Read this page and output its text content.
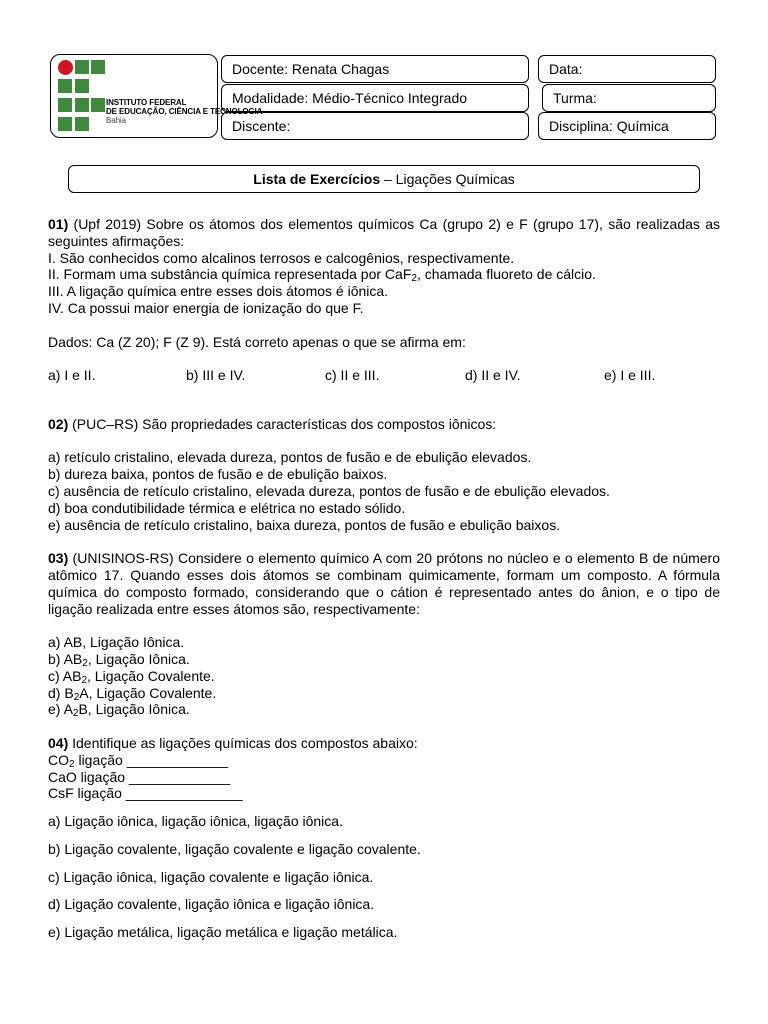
INSTITUTO FEDERAL
DE EDUCAÇÃO, CIÊNCIA E TECNOLOGIA
Bahia
Docente: Renata Chagas	Data:
Modalidade: Médio-Técnico Integrado	Turma:
Discente:	Disciplina: Química
Lista de Exercícios – Ligações Químicas

01) (Upf 2019) Sobre os átomos dos elementos químicos Ca (grupo 2) e F (grupo 17), são realizadas as seguintes afirmações:

I. São conhecidos como alcalinos terrosos e calcogênios, respectivamente.

II. Formam uma substância química representada por CaF$_2$, chamada fluoreto de cálcio.

III. A ligação química entre esses dois átomos é iônica.

IV. Ca possui maior energia de ionização do que F.

Dados: Ca (Z 20); F (Z 9). Está correto apenas o que se afirma em:

a) I e II.	b) III e IV.	c) II e III.	d) II e IV.	e) I e III.

02) (PUC–RS) São propriedades características dos compostos iônicos:

a) retículo cristalino, elevada dureza, pontos de fusão e de ebulição elevados.

b) dureza baixa, pontos de fusão e de ebulição baixos.

c) ausência de retículo cristalino, elevada dureza, pontos de fusão e de ebulição elevados.

d) boa condutibilidade térmica e elétrica no estado sólido.

e) ausência de retículo cristalino, baixa dureza, pontos de fusão e ebulição baixos.

03) (UNISINOS-RS) Considere o elemento químico A com 20 prótons no núcleo e o elemento B de número atômico 17. Quando esses dois átomos se combinam quimicamente, formam um composto. A fórmula química do composto formado, considerando que o cátion é representado antes do ânion, e o tipo de ligação realizada entre esses átomos são, respectivamente:

a) AB, Ligação Iônica.

b) $AB_2$, Ligação Iônica.

c) $AB_2$, Ligação Covalente.

d) $B_2A$, Ligação Covalente.

e) $A_2B$, Ligação Iônica.

04) Identifique as ligações químicas dos compostos abaixo:

$CO_2$ ligação _____________

CaO ligação _____________

CsF ligação _______________

a) Ligação iônica, ligação iônica, ligação iônica.

b) Ligação covalente, ligação covalente e ligação covalente.

c) Ligação iônica, ligação covalente e ligação iônica.

d) Ligação covalente, ligação iônica e ligação iônica.

e) Ligação metálica, ligação metálica e ligação metálica.
